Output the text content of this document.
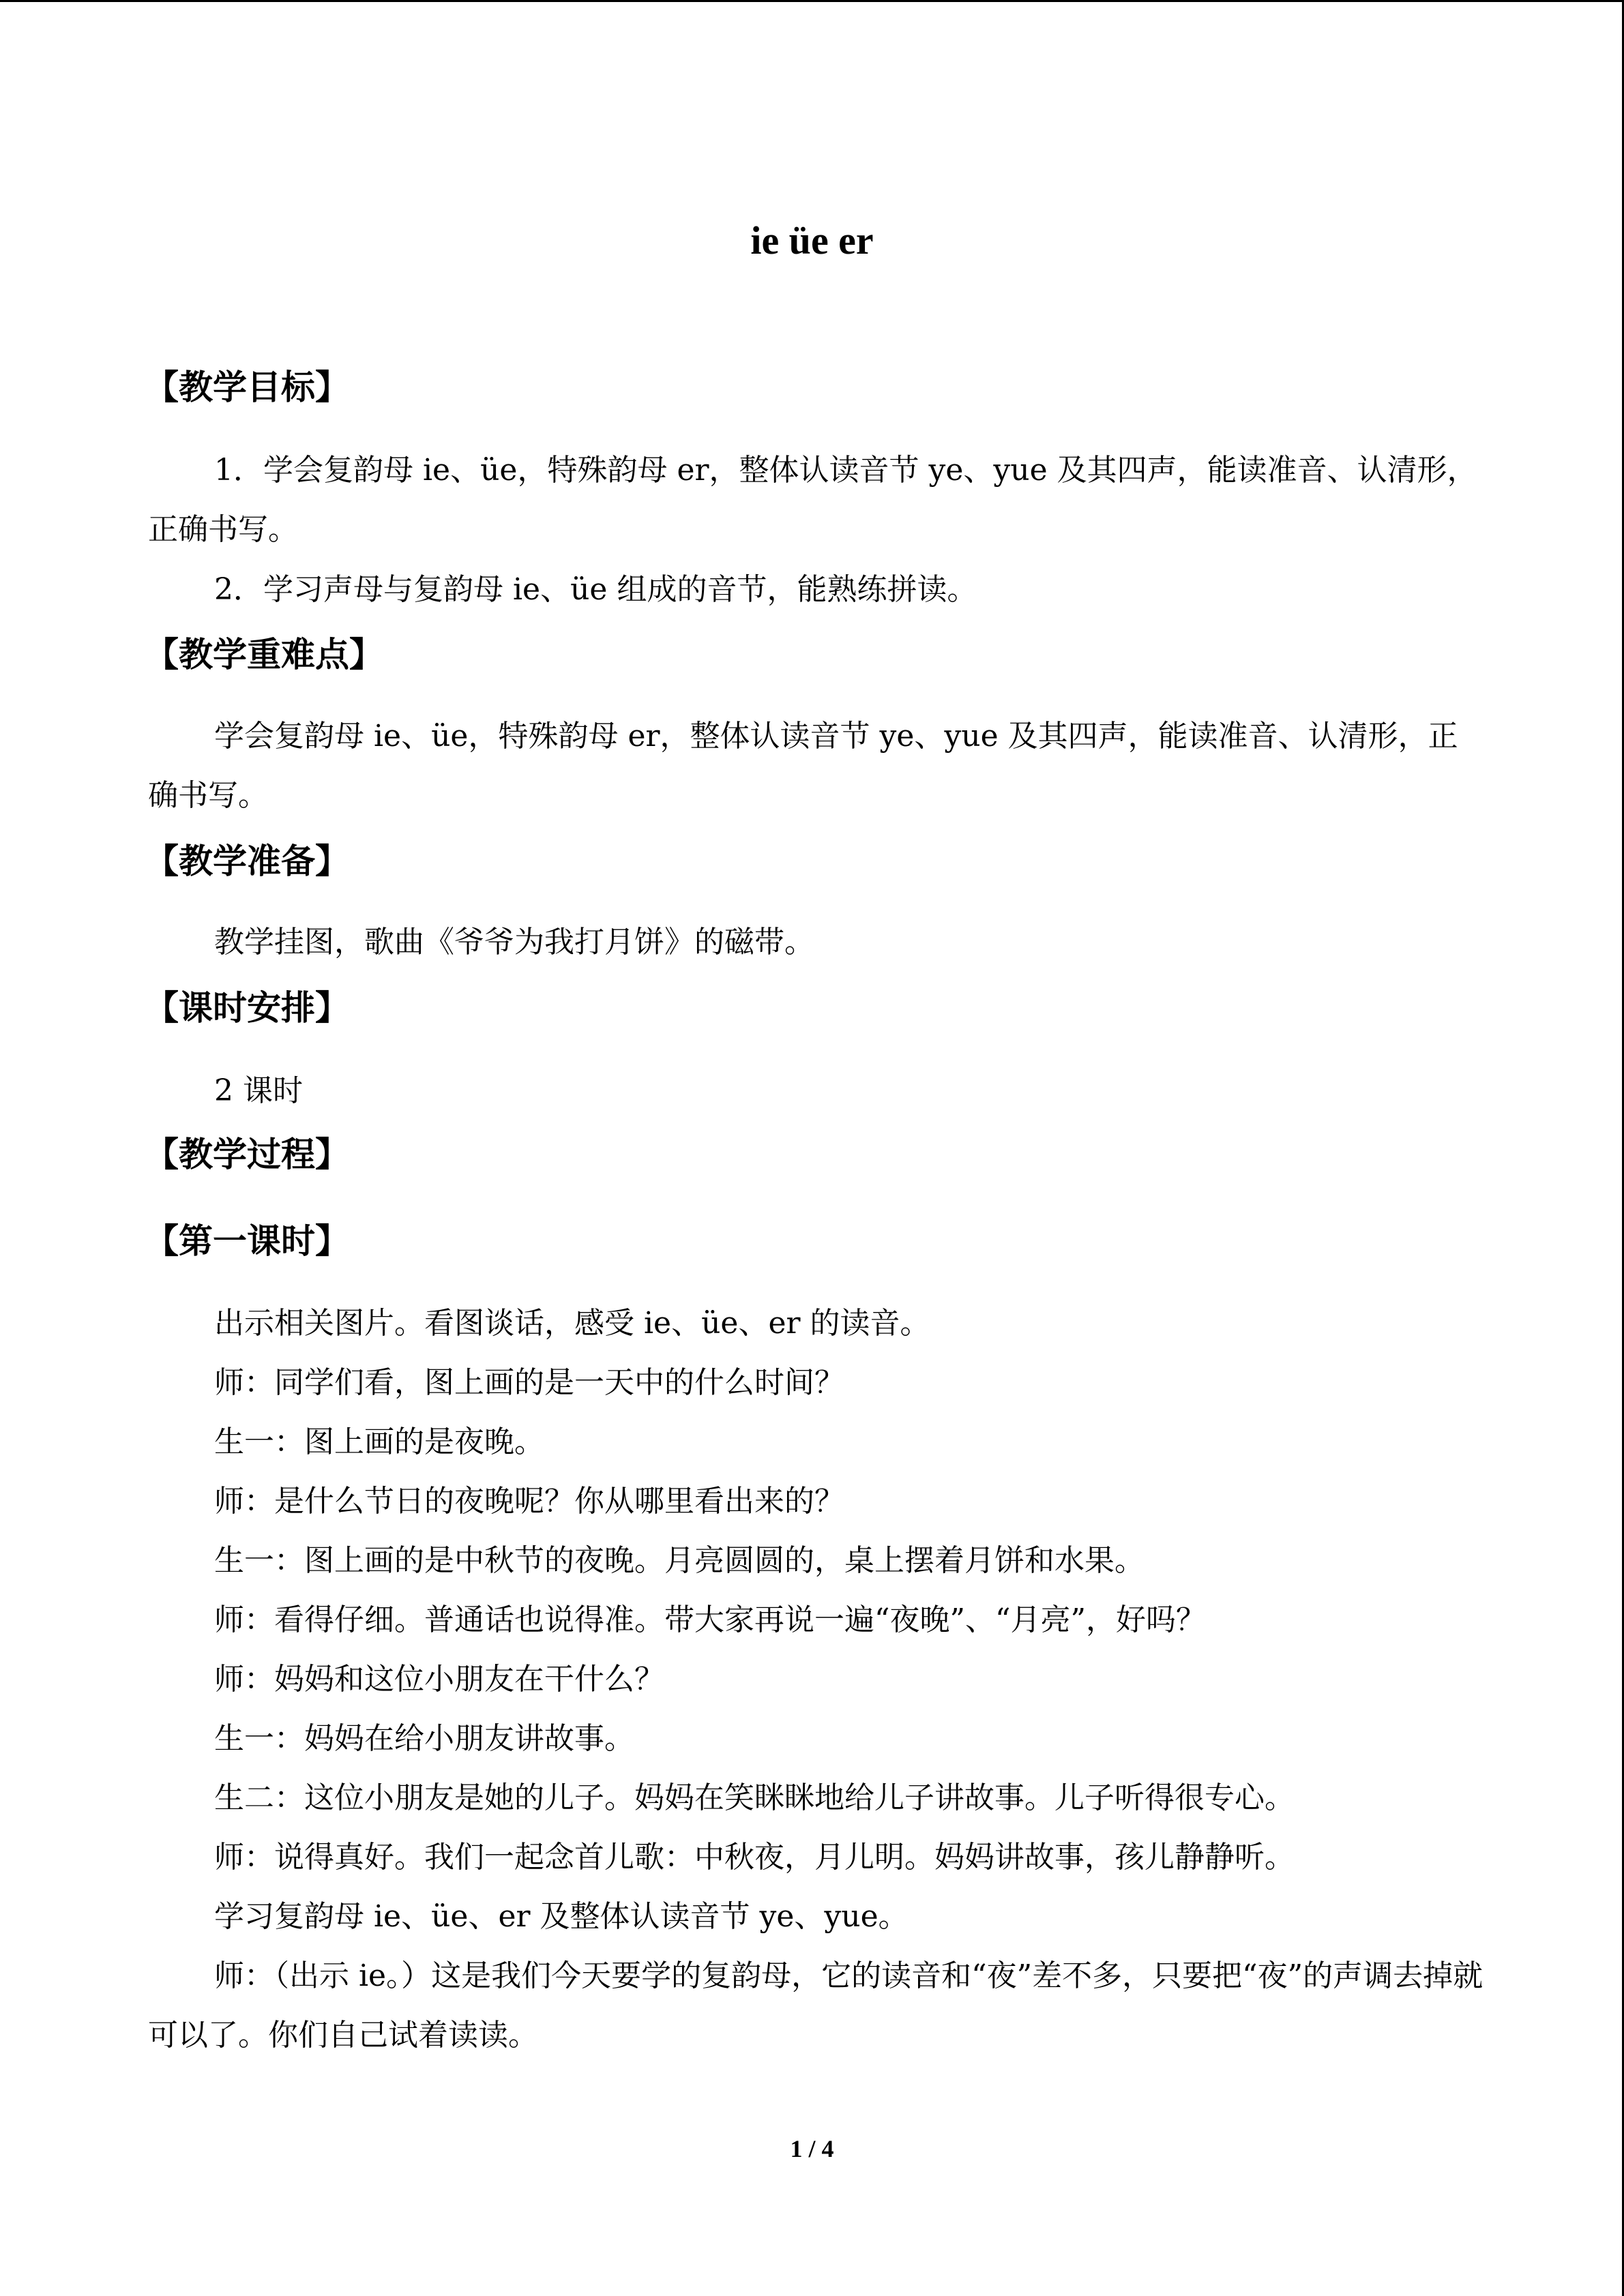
ie üe er
【教学目标】

1．学会复韵母 ie、üe，特殊韵母 er，整体认读音节 ye、yue 及其四声，能读准音、认清形，正确书写。

2．学习声母与复韵母 ie、üe 组成的音节，能熟练拼读。

【教学重难点】

学会复韵母 ie、üe，特殊韵母 er，整体认读音节 ye、yue 及其四声，能读准音、认清形，正确书写。

【教学准备】

教学挂图，歌曲《爷爷为我打月饼》的磁带。

【课时安排】

2 课时

【教学过程】
【第一课时】

出示相关图片。看图谈话，感受 ie、üe、er 的读音。

师：同学们看，图上画的是一天中的什么时间？

生一：图上画的是夜晚。

师：是什么节日的夜晚呢？你从哪里看出来的？

生一：图上画的是中秋节的夜晚。月亮圆圆的，桌上摆着月饼和水果。

师：看得仔细。普通话也说得准。带大家再说一遍“夜晚”、“月亮”，好吗？

师：妈妈和这位小朋友在干什么？

生一：妈妈在给小朋友讲故事。

生二：这位小朋友是她的儿子。妈妈在笑眯眯地给儿子讲故事。儿子听得很专心。

师：说得真好。我们一起念首儿歌：中秋夜，月儿明。妈妈讲故事，孩儿静静听。

学习复韵母 ie、üe、er 及整体认读音节 ye、yue。

师：（出示 ie。）这是我们今天要学的复韵母，它的读音和“夜”差不多，只要把“夜”的声调去掉就可以了。你们自己试着读读。

1 / 4
